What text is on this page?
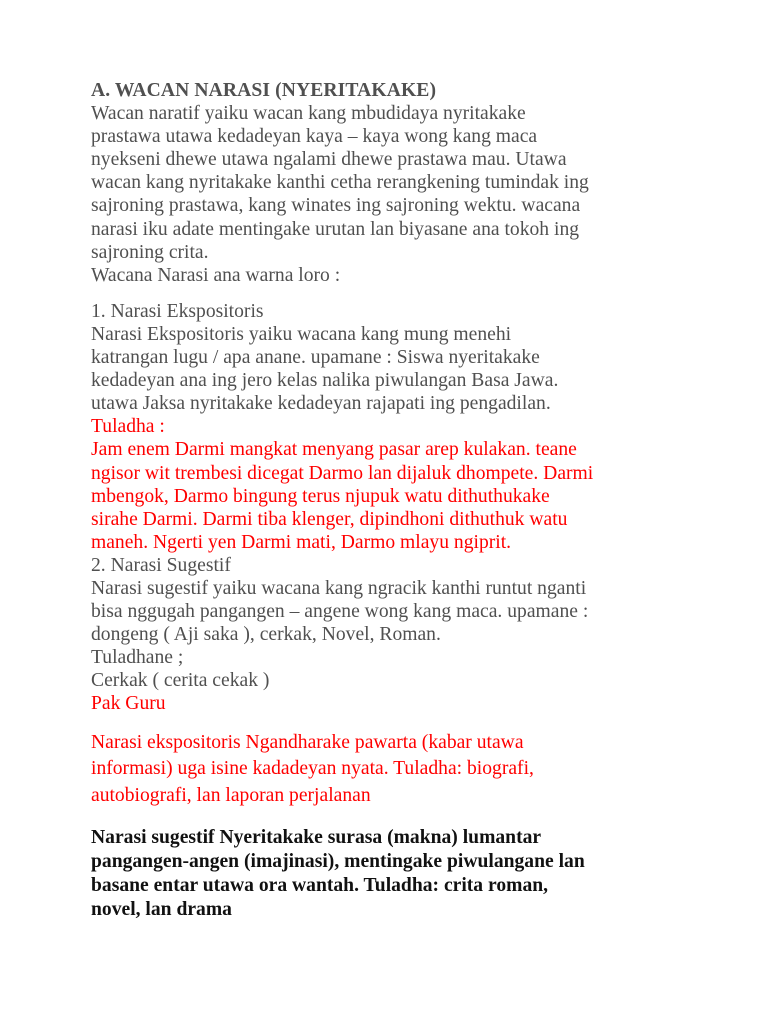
A. WACAN NARASI (NYERITAKAKE)

Wacan naratif yaiku wacan kang mbudidaya nyritakake
prastawa utawa kedadeyan kaya – kaya wong kang maca
nyekseni dhewe utawa ngalami dhewe prastawa mau. Utawa
wacan kang nyritakake kanthi cetha rerangkening tumindak ing
sajroning prastawa, kang winates ing sajroning wektu. wacana
narasi iku adate mentingake urutan lan biyasane ana tokoh ing
sajroning crita.

Wacana Narasi ana warna loro :

1. Narasi Ekspositoris

Narasi Ekspositoris yaiku wacana kang mung menehi
katrangan lugu / apa anane. upamane : Siswa nyeritakake
kedadeyan ana ing jero kelas nalika piwulangan Basa Jawa.
utawa Jaksa nyritakake kedadeyan rajapati ing pengadilan.

Tuladha :

Jam enem Darmi mangkat menyang pasar arep kulakan. teane
ngisor wit trembesi dicegat Darmo lan dijaluk dhompete. Darmi
mbengok, Darmo bingung terus njupuk watu dithuthukake
sirahe Darmi. Darmi tiba klenger, dipindhoni dithuthuk watu
maneh. Ngerti yen Darmi mati, Darmo mlayu ngiprit.

2. Narasi Sugestif

Narasi sugestif yaiku wacana kang ngracik kanthi runtut nganti
bisa nggugah pangangen – angene wong kang maca. upamane :
dongeng ( Aji saka ), cerkak, Novel, Roman.

Tuladhane ;

Cerkak ( cerita cekak )

Pak Guru

Narasi ekspositoris Ngandharake pawarta (kabar utawa
informasi) uga isine kadadeyan nyata. Tuladha: biografi,
autobiografi, lan laporan perjalanan

Narasi sugestif Nyeritakake surasa (makna) lumantar
pangangen-angen (imajinasi), mentingake piwulangane lan
basane entar utawa ora wantah. Tuladha: crita roman,
novel, lan drama
